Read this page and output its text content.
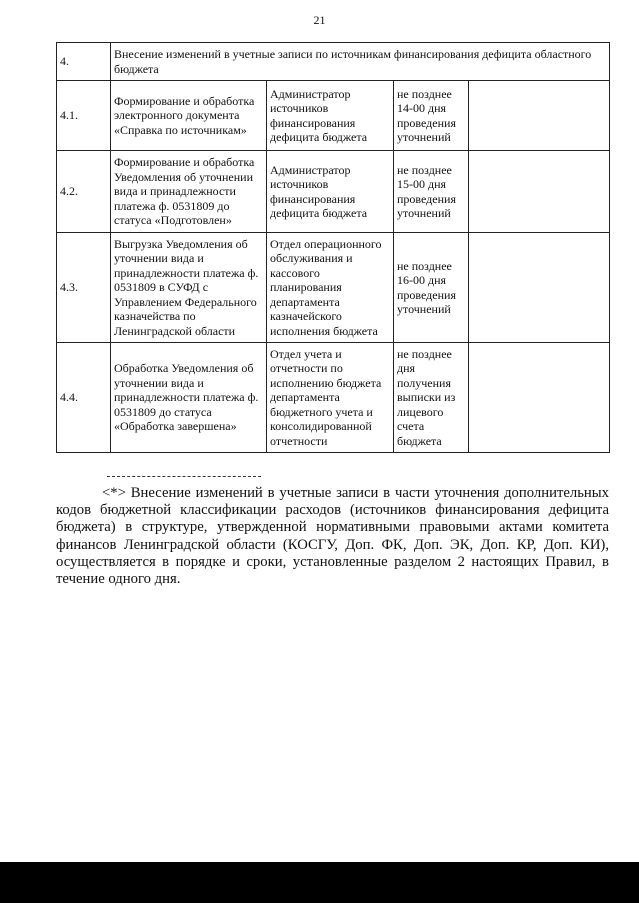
21
4.	Внесение изменений в учетные записи по источникам финансирования дефицита областного бюджета			
4.1.	Формирование и обработка электронного документа «Справка по источникам»	Администратор источников финансирования дефицита бюджета	не позднее 14-00 дня проведения уточнений	
4.2.	Формирование и обработка Уведомления об уточнении вида и принадлежности платежа ф. 0531809 до статуса «Подготовлен»	Администратор источников финансирования дефицита бюджета	не позднее 15-00 дня проведения уточнений	
4.3.	Выгрузка Уведомления об уточнении вида и принадлежности платежа ф. 0531809 в СУФД с Управлением Федерального казначейства по Ленинградской области	Отдел операционного обслуживания и кассового планирования департамента казначейского исполнения бюджета	не позднее 16-00 дня проведения уточнений	
4.4.	Обработка Уведомления об уточнении вида и принадлежности платежа ф. 0531809 до статуса «Обработка завершена»	Отдел учета и отчетности по исполнению бюджета департамента бюджетного учета и консолидированной отчетности	не позднее дня получения выписки из лицевого счета бюджета	

<*> Внесение изменений в учетные записи в части уточнения дополнительных кодов бюджетной классификации расходов (источников финансирования дефицита бюджета) в структуре, утвержденной нормативными правовыми актами комитета финансов Ленинградской области (КОСГУ, Доп. ФК, Доп. ЭК, Доп. КР, Доп. КИ), осуществляется в порядке и сроки, установленные разделом 2 настоящих Правил, в течение одного дня.
